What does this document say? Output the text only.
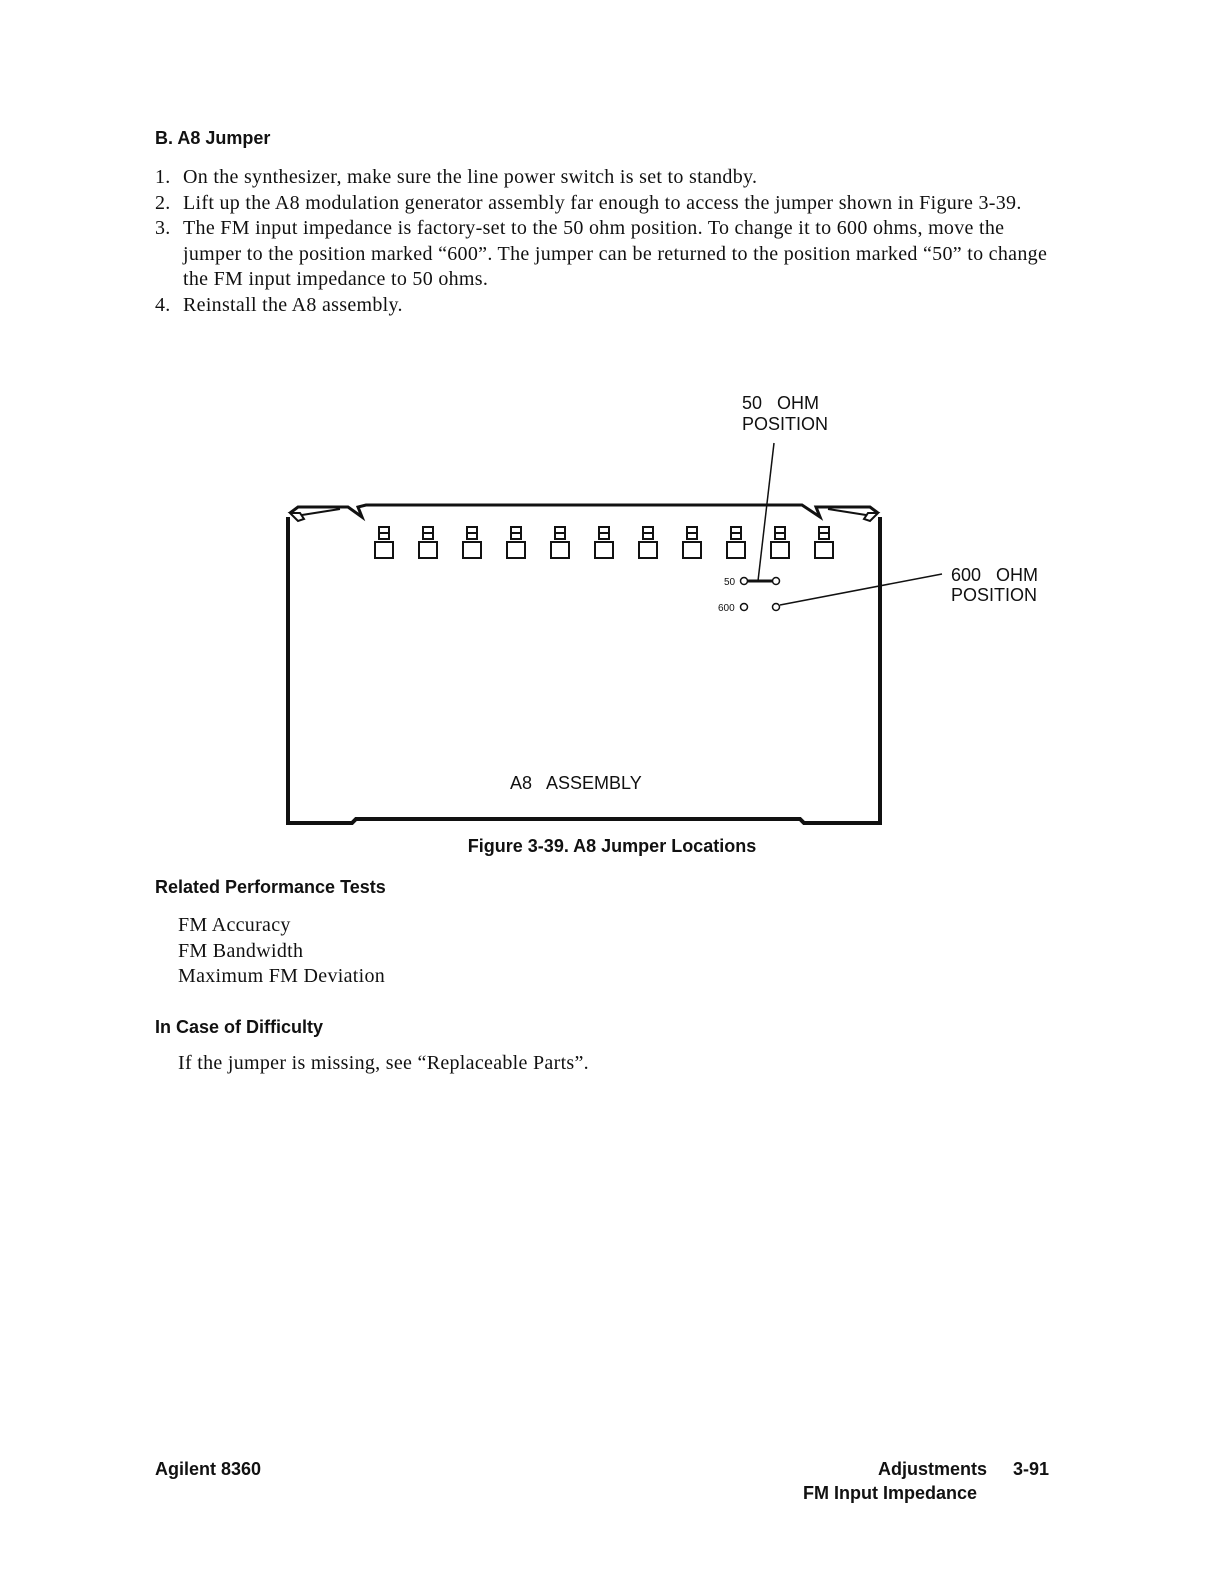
B. A8 Jumper
1. On the synthesizer, make sure the line power switch is set to standby.
2. Lift up the A8 modulation generator assembly far enough to access the jumper shown in Figure 3-39.
3. The FM input impedance is factory-set to the 50 ohm position. To change it to 600 ohms, move the jumper to the position marked “600”. The jumper can be returned to the position marked “50” to change the FM input impedance to 50 ohms.
4. Reinstall the A8 assembly.
50
600
50   OHM
POSITION
600   OHM
POSITION
A8   ASSEMBLY
Figure 3-39. A8 Jumper Locations
Related Performance Tests
FM Accuracy
FM Bandwidth
Maximum FM Deviation
In Case of Difficulty
If the jumper is missing, see “Replaceable Parts”.
Agilent 8360	Adjustments 3-91
FM Input Impedance
